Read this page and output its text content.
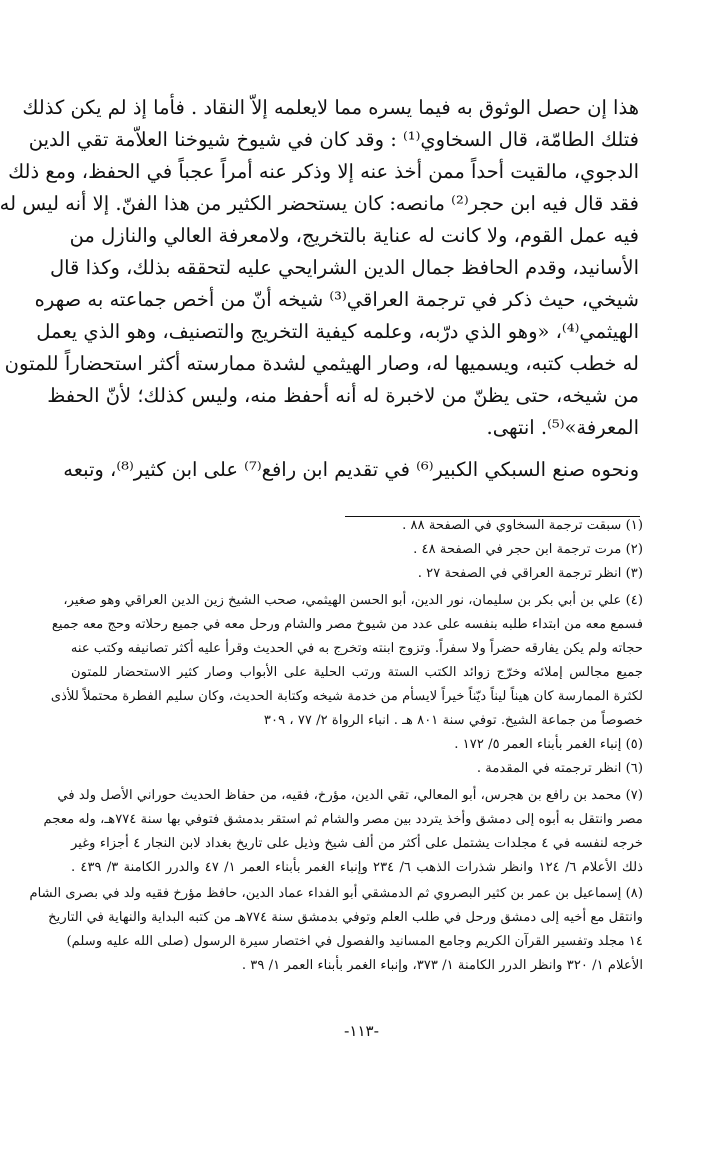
هذا إن حصل الوثوق به فيما يسره مما لايعلمه إلاّ النقاد . فأما إذ لم يكن كذلك
فتلك الطامّة، قال السخاوي⁽¹⁾ : وقد كان في شيوخ شيوخنا العلاّمة تقي الدين
الدجوي، مالقيت أحداً ممن أخذ عنه إلا وذكر عنه أمراً عجباً في الحفظ، ومع ذلك
فقد قال فيه ابن حجر⁽²⁾ مانصه: كان يستحضر الكثير من هذا الفنّ. إلا أنه ليس له
فيه عمل القوم، ولا كانت له عناية بالتخريج، ولامعرفة العالي والنازل من
الأسانيد، وقدم الحافظ جمال الدين الشرايحي عليه لتحققه بذلك، وكذا قال
شيخي، حيث ذكر في ترجمة العراقي⁽³⁾ شيخه أنّ من أخص جماعته به صهره
الهيثمي⁽⁴⁾، «وهو الذي درّبه، وعلمه كيفية التخريج والتصنيف، وهو الذي يعمل
له خطب كتبه، ويسميها له، وصار الهيثمي لشدة ممارسته أكثر استحضاراً للمتون
من شيخه، حتى يظنّ من لاخبرة له أنه أحفظ منه، وليس كذلك؛ لأنّ الحفظ
المعرفة»⁽⁵⁾. انتهى.
ونحوه صنع السبكي الكبير⁽⁶⁾ في تقديم ابن رافع⁽⁷⁾ على ابن كثير⁽⁸⁾، وتبعه
(١) سبقت ترجمة السخاوي في الصفحة ٨٨ .
(٢) مرت ترجمة ابن حجر في الصفحة ٤٨ .
(٣) انظر ترجمة العراقي في الصفحة ٢٧ .
(٤) علي بن أبي بكر بن سليمان، نور الدين، أبو الحسن الهيثمي، صحب الشيخ زين الدين العراقي وهو صغير،
فسمع معه من ابتداء طلبه بنفسه على عدد من شيوخ مصر والشام ورحل معه في جميع رحلاته وحج معه جميع
حجاته ولم يكن يفارقه حضراً ولا سفراً. وتزوج ابنته وتخرج به في الحديث وقرأ عليه أكثر تصانيفه وكتب عنه
جميع مجالس إملائه وخرّج زوائد الكتب الستة ورتب الحلية على الأبواب وصار كثير الاستحضار للمتون
لكثرة الممارسة كان هيناً ليناً ديّناً خيراً لايسأم من خدمة شيخه وكتابة الحديث، وكان سليم الفطرة محتملاً للأذى
خصوصاً من جماعة الشيخ. توفي سنة ٨٠١ هـ . انباء الرواة ٢/ ٧٧ ، ٣٠٩
(٥) إنباء الغمر بأبناء العمر ٥/ ١٧٢ .
(٦) انظر ترجمته في المقدمة .
(٧) محمد بن رافع بن هجرس، أبو المعالي، تقي الدين، مؤرخ، فقيه، من حفاظ الحديث حوراني الأصل ولد في
مصر وانتقل به أبوه إلى دمشق وأخذ يتردد بين مصر والشام ثم استقر بدمشق فتوفي بها سنة ٧٧٤هـ، وله معجم
خرجه لنفسه في ٤ مجلدات يشتمل على أكثر من ألف شيخ وذيل على تاريخ بغداد لابن النجار ٤ أجزاء وغير
ذلك الأعلام ٦/ ١٢٤ وانظر شذرات الذهب ٦/ ٢٣٤ وإنباء الغمر بأبناء العمر ١/ ٤٧ والدرر الكامنة ٣/ ٤٣٩ .
(٨) إسماعيل بن عمر بن كثير البصروي ثم الدمشقي أبو الفداء عماد الدين، حافظ مؤرخ فقيه ولد في بصرى الشام
وانتقل مع أخيه إلى دمشق ورحل في طلب العلم وتوفي بدمشق سنة ٧٧٤هـ من كتبه البداية والنهاية في التاريخ
١٤ مجلد وتفسير القرآن الكريم وجامع المسانيد والفصول في اختصار سيرة الرسول (صلى الله عليه وسلم)
الأعلام ١/ ٣٢٠ وانظر الدرر الكامنة ١/ ٣٧٣، وإنباء الغمر بأبناء العمر ١/ ٣٩ .
-١١٣-
